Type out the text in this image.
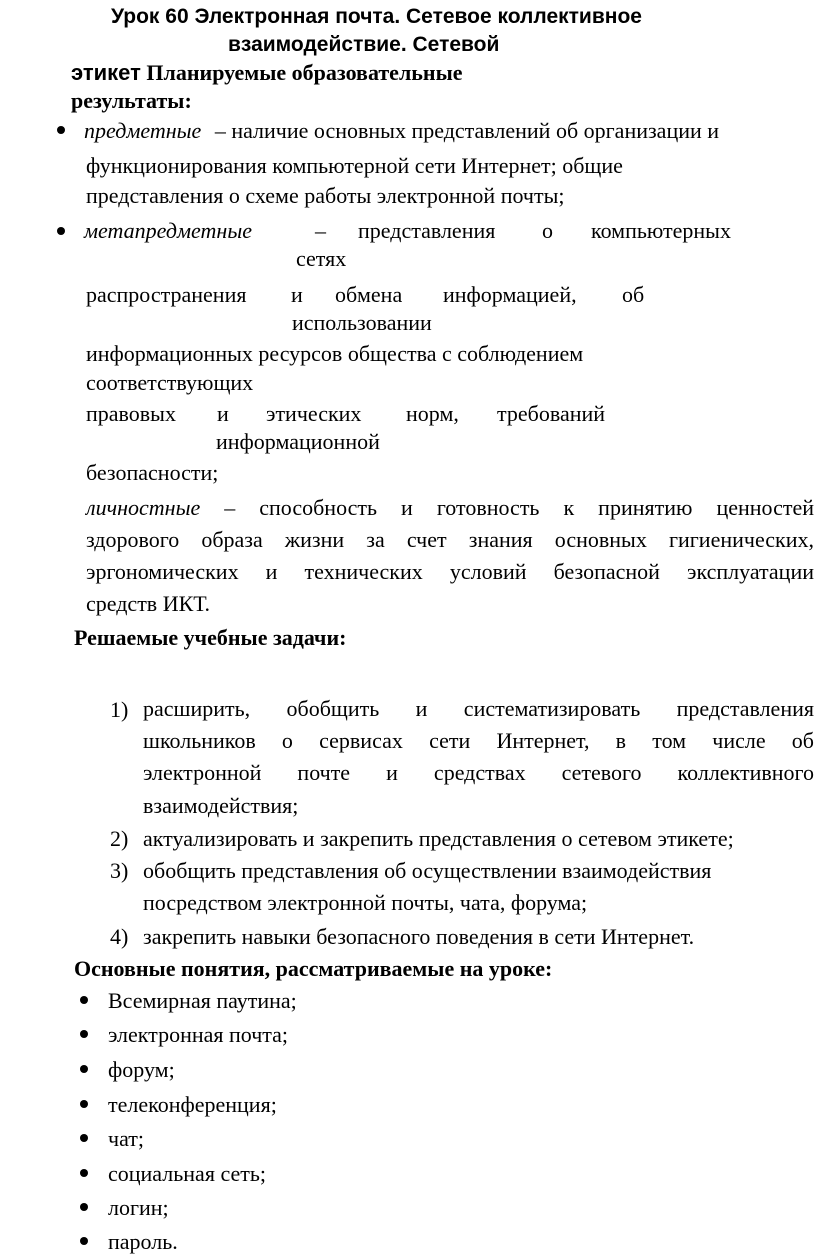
Урок 60 Электронная почта. Сетевое коллективное
взаимодействие. Сетевой
этикет Планируемые образовательные
результаты:
предметные – наличие основных представлений об организации и
функционирования компьютерной сети Интернет; общие
представления о схеме работы электронной почты;
метапредметные	– представления о компьютерных
сетях
распространения и обмена информацией, об
использовании
информационных ресурсов общества с соблюдением
соответствующих
правовых и этических норм, требований
информационной
безопасности;
личностные – способность и готовность к принятию ценностей
здорового образа жизни за счет знания основных гигиенических,
эргономических и технических условий безопасной эксплуатации
средств ИКТ.
Решаемые учебные задачи:
1) расширить, обобщить и систематизировать представления
школьников о сервисах сети Интернет, в том числе об
электронной почте и средствах сетевого коллективного
взаимодействия;
2) актуализировать и закрепить представления о сетевом этикете;
3) обобщить представления об осуществлении взаимодействия
посредством электронной почты, чата, форума;
4) закрепить навыки безопасного поведения в сети Интернет.
Основные понятия, рассматриваемые на уроке:
Всемирная паутина;
электронная почта;
форум;
телеконференция;
чат;
социальная сеть;
логин;
пароль.
